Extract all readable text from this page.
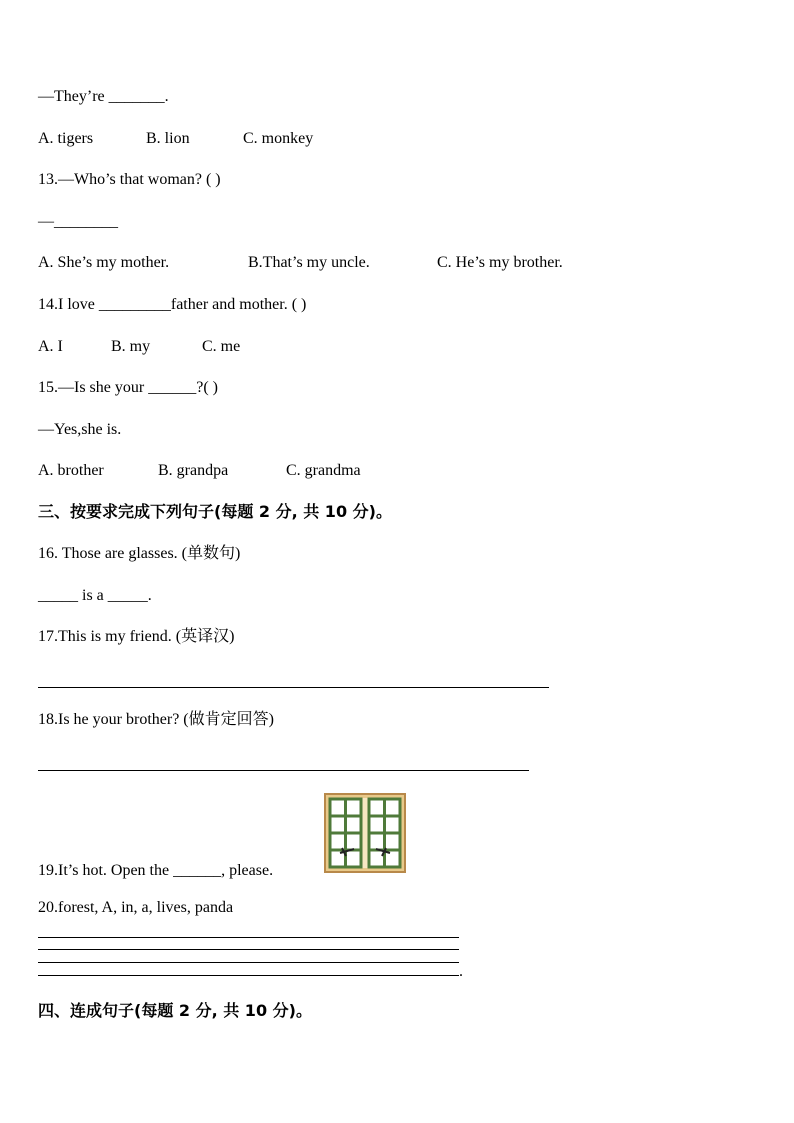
—They’re _______.
A. tigers	B. lion	C. monkey
13.—Who’s that woman? ( )
—________
A. She’s my mother.	B.That’s my uncle.	C. He’s my brother.
14.I love _________father and mother. ( )
A. I	B. my	C. me
15.—Is she your ______?( )
—Yes,she is.
A. brother	B. grandpa	C. grandma
三、按要求完成下列句子(每题 2 分, 共 10 分)。
16. Those are glasses. (单数句)
_____ is a _____.
17.This is my friend. (英译汉)
18.Is he your brother? (做肯定回答)
19.It’s hot. Open the ______, please.
20.forest, A, in, a, lives, panda
.
四、连成句子(每题 2 分, 共 10 分)。
